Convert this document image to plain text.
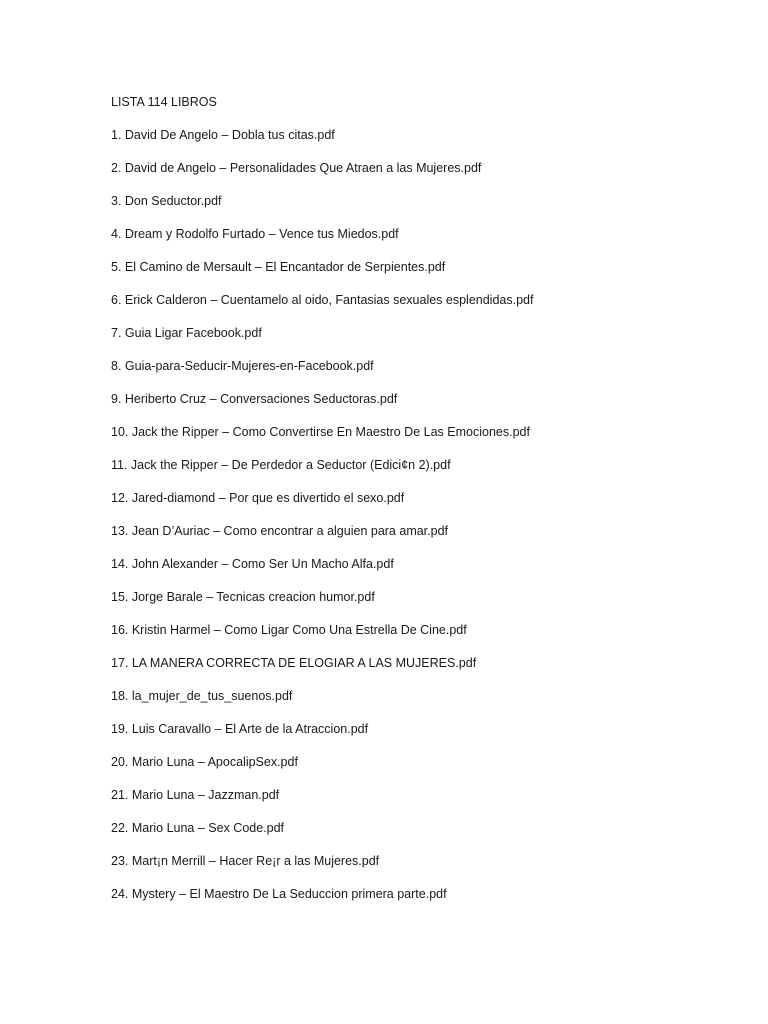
LISTA 114 LIBROS
1. David De Angelo – Dobla tus citas.pdf
2. David de Angelo – Personalidades Que Atraen a las Mujeres.pdf
3. Don Seductor.pdf
4. Dream y Rodolfo Furtado – Vence tus Miedos.pdf
5. El Camino de Mersault – El Encantador de Serpientes.pdf
6. Erick Calderon – Cuentamelo al oido, Fantasias sexuales esplendidas.pdf
7. Guia Ligar Facebook.pdf
8. Guia-para-Seducir-Mujeres-en-Facebook.pdf
9. Heriberto Cruz – Conversaciones Seductoras.pdf
10. Jack the Ripper – Como Convertirse En Maestro De Las Emociones.pdf
11. Jack the Ripper – De Perdedor a Seductor (Edici¢n 2).pdf
12. Jared-diamond – Por que es divertido el sexo.pdf
13. Jean D’Auriac – Como encontrar a alguien para amar.pdf
14. John Alexander – Como Ser Un Macho Alfa.pdf
15. Jorge Barale – Tecnicas creacion humor.pdf
16. Kristin Harmel – Como Ligar Como Una Estrella De Cine.pdf
17. LA MANERA CORRECTA DE ELOGIAR A LAS MUJERES.pdf
18. la_mujer_de_tus_suenos.pdf
19. Luis Caravallo – El Arte de la Atraccion.pdf
20. Mario Luna – ApocalipSex.pdf
21. Mario Luna – Jazzman.pdf
22. Mario Luna – Sex Code.pdf
23. Mart¡n Merrill – Hacer Re¡r a las Mujeres.pdf
24. Mystery – El Maestro De La Seduccion primera parte.pdf
